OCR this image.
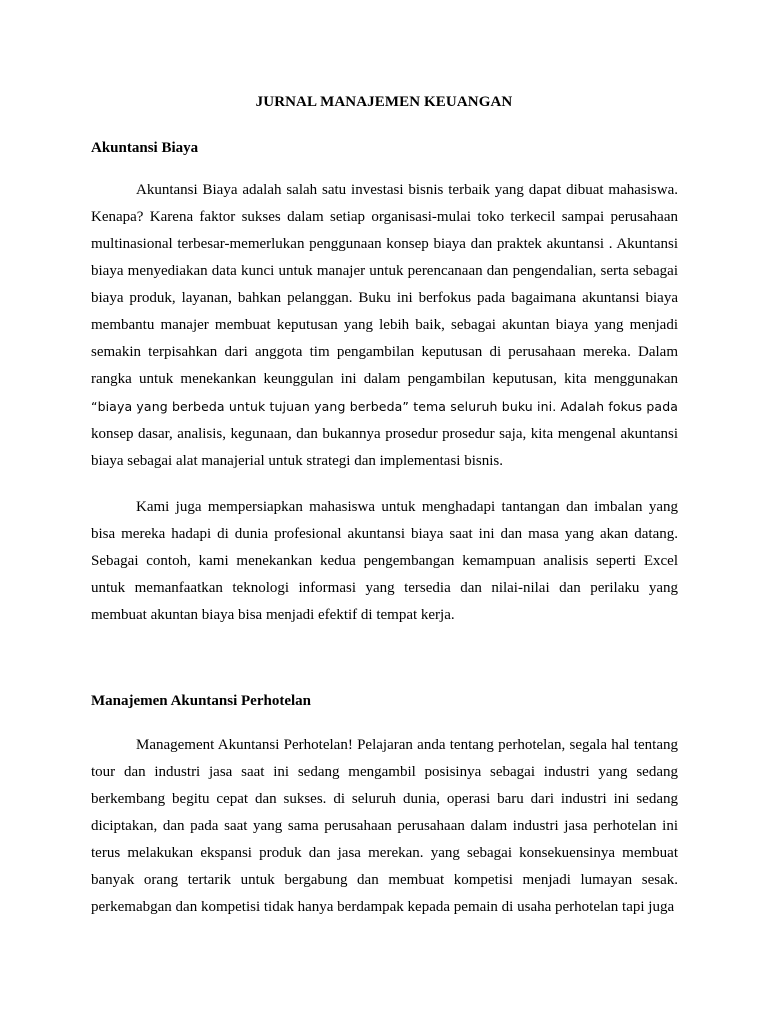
JURNAL MANAJEMEN KEUANGAN
Akuntansi Biaya

Akuntansi Biaya adalah salah satu investasi bisnis terbaik yang dapat dibuat mahasiswa. Kenapa? Karena faktor sukses dalam setiap organisasi-mulai toko terkecil sampai perusahaan multinasional terbesar-memerlukan penggunaan konsep biaya dan praktek akuntansi . Akuntansi biaya menyediakan data kunci untuk manajer untuk perencanaan dan pengendalian, serta sebagai biaya produk, layanan, bahkan pelanggan. Buku ini berfokus pada bagaimana akuntansi biaya membantu manajer membuat keputusan yang lebih baik, sebagai akuntan biaya yang menjadi semakin terpisahkan dari anggota tim pengambilan keputusan di perusahaan mereka. Dalam rangka untuk menekankan keunggulan ini dalam pengambilan keputusan, kita menggunakan “biaya yang berbeda untuk tujuan yang berbeda” tema seluruh buku ini. Adalah fokus pada konsep dasar, analisis, kegunaan, dan bukannya prosedur prosedur saja, kita mengenal akuntansi biaya sebagai alat manajerial untuk strategi dan implementasi bisnis.

Kami juga mempersiapkan mahasiswa untuk menghadapi tantangan dan imbalan yang bisa mereka hadapi di dunia profesional akuntansi biaya saat ini dan masa yang akan datang. Sebagai contoh, kami menekankan kedua pengembangan kemampuan analisis seperti Excel untuk memanfaatkan teknologi informasi yang tersedia dan nilai-nilai dan perilaku yang membuat akuntan biaya bisa menjadi efektif di tempat kerja.

Manajemen Akuntansi Perhotelan

Management Akuntansi Perhotelan! Pelajaran anda tentang perhotelan, segala hal tentang tour dan industri jasa saat ini sedang mengambil posisinya sebagai industri yang sedang berkembang begitu cepat dan sukses. di seluruh dunia, operasi baru dari industri ini sedang diciptakan, dan pada saat yang sama perusahaan perusahaan dalam industri jasa perhotelan ini terus melakukan ekspansi produk dan jasa merekan. yang sebagai konsekuensinya membuat banyak orang tertarik untuk bergabung dan membuat kompetisi menjadi lumayan sesak. perkemabgan dan kompetisi tidak hanya berdampak kepada pemain di usaha perhotelan tapi juga
